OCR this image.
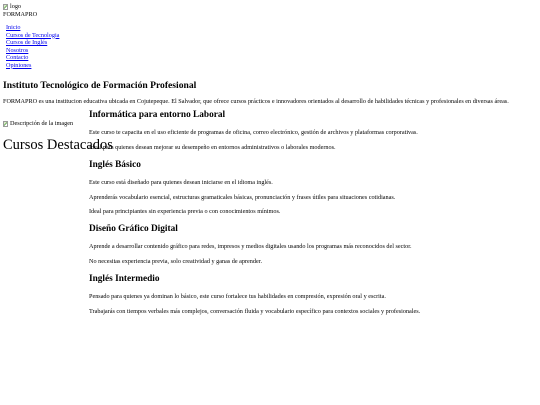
logo
FORMAPRO
• Inicio
• Cursos de Tecnologia
• Cursos de Inglés
• Nosotros
• Contacto
• Opiniones
Instituto Tecnológico de Formación Profesional
FORMAPRO es una institucion educativa ubicada en Cojutepeque. El Salvador, que ofrece cursos prácticos e innovadores orientados al desarrollo de habilidades técnicas y profesionales en diversas áreas.
Descripción de la imagen
Cursos Destacados
Informática para entorno Laboral
Este curso te capacita en el uso eficiente de programas de oficina, correo electrónico, gestión de archivos y plataformas corporativas.
Ideal para quienes desean mejorar su desempeño en entornos administrativos o laborales modernos.
Inglés Básico
Este curso está diseñado para quienes desean iniciarse en el idioma inglés.
Aprenderás vocabulario esencial, estructuras gramaticales básicas, pronunciación y frases útiles para situaciones cotidianas.
Ideal para principiantes sin experiencia previa o con conocimientos mínimos.
Diseño Gráfico Digital
Aprende a desarrollar contenido gráfico para redes, impresos y medios digitales usando los programas más reconocidos del sector.
No necesitas experiencia previa, solo creatividad y ganas de aprender.
Inglés Intermedio
Pensado para quienes ya dominan lo básico, este curso fortalece tus habilidades en compresión, expresión oral y escrita.
Trabajarás con tiempos verbales más complejos, conversación fluida y vocabulario específico para contextos sociales y profesionales.
